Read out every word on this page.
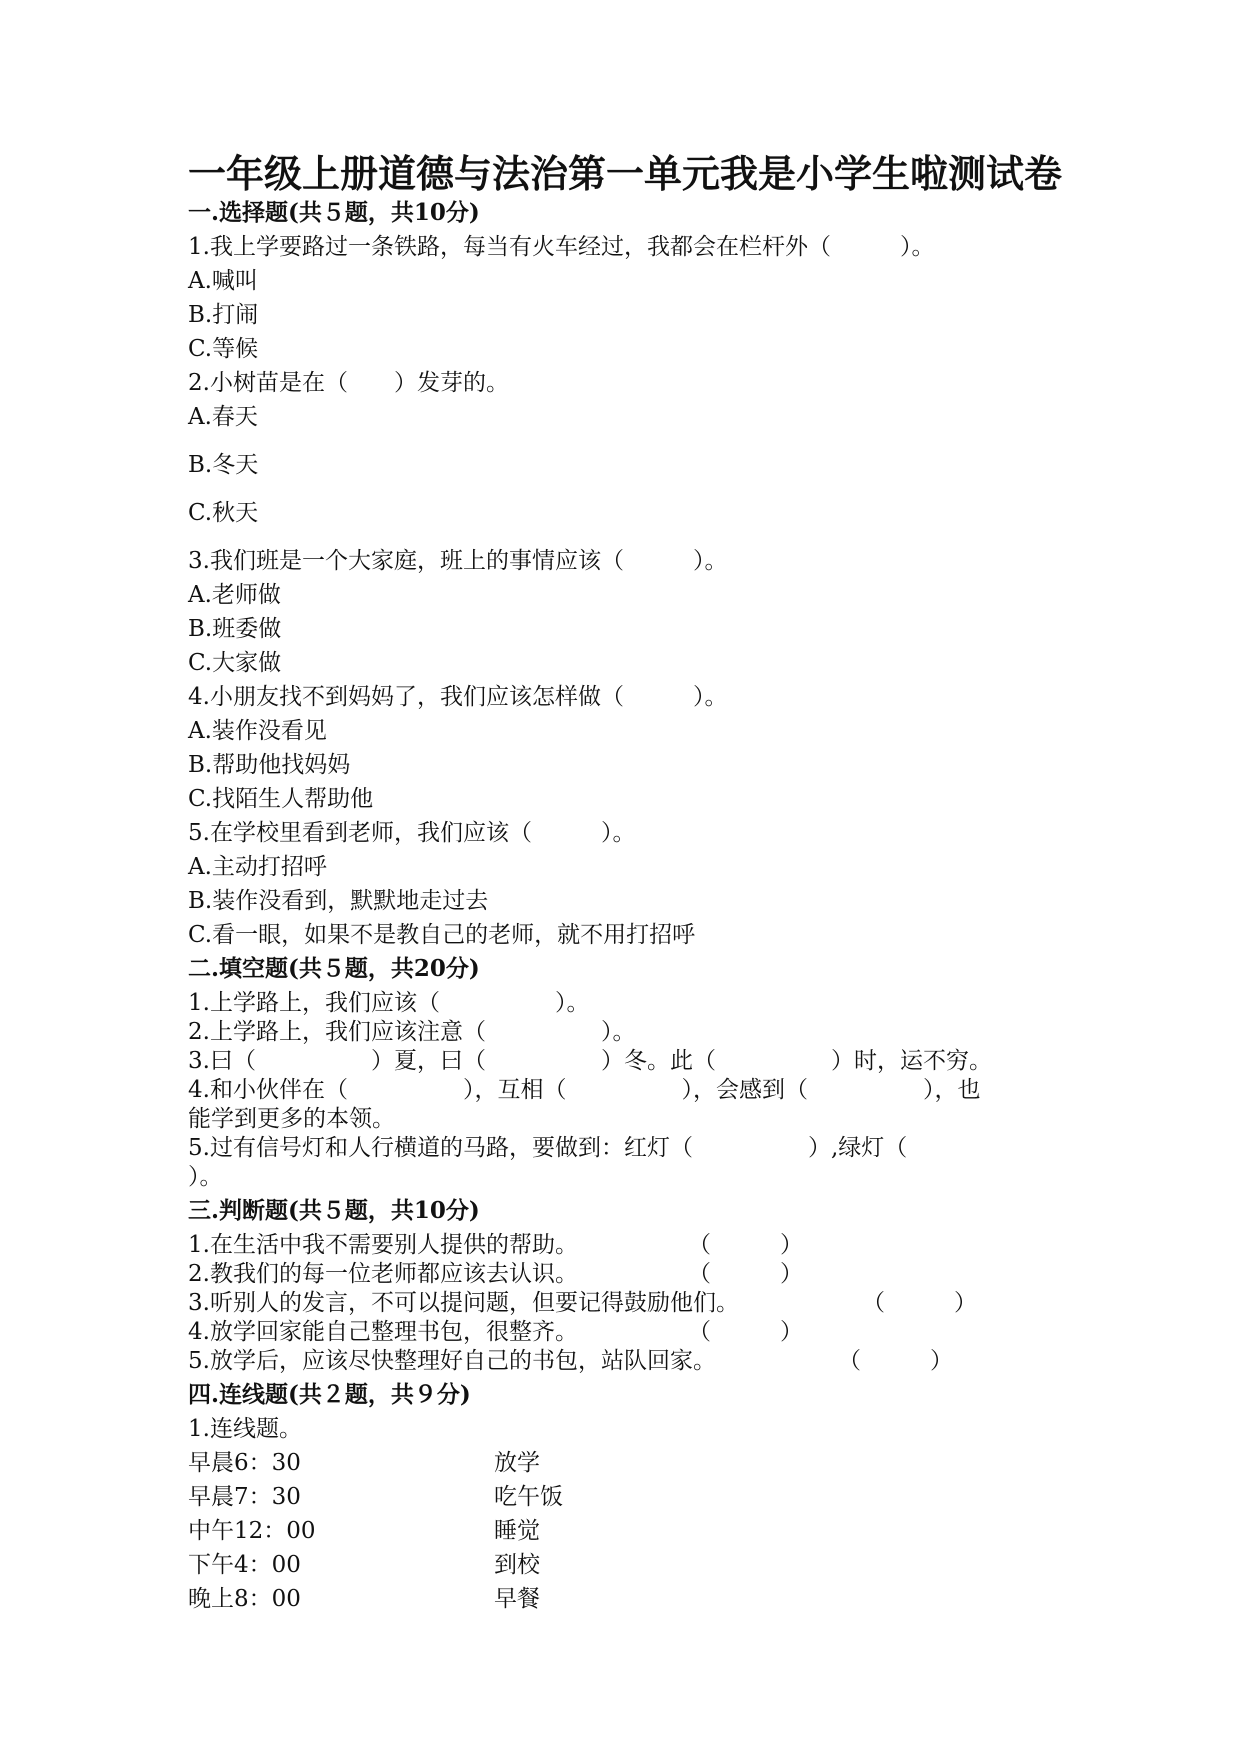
一年级上册道德与法治第一单元我是小学生啦测试卷
一.选择题(共５题，共10分)
1.我上学要路过一条铁路，每当有火车经过，我都会在栏杆外（　　　）。
A.喊叫
B.打闹
C.等候
2.小树苗是在（　　）发芽的。
A.春天
B.冬天
C.秋天
3.我们班是一个大家庭，班上的事情应该（　　　）。
A.老师做
B.班委做
C.大家做
4.小朋友找不到妈妈了，我们应该怎样做（　　　）。
A.装作没看见
B.帮助他找妈妈
C.找陌生人帮助他
5.在学校里看到老师，我们应该（　　　）。
A.主动打招呼
B.装作没看到，默默地走过去
C.看一眼，如果不是教自己的老师，就不用打招呼
二.填空题(共５题，共20分)
1.上学路上，我们应该（　　　　　）。
2.上学路上，我们应该注意（　　　　　）。
3.曰（　　　　　）夏，曰（　　　　　）冬。此（　　　　　）时，运不穷。
4.和小伙伴在（　　　　　），互相（　　　　　），会感到（　　　　　），也
能学到更多的本领。
5.过有信号灯和人行横道的马路，要做到：红灯（　　　　　）,绿灯（
）。
三.判断题(共５题，共10分)
1.在生活中我不需要别人提供的帮助。	（　　　）
2.教我们的每一位老师都应该去认识。	（　　　）
3.听别人的发言，不可以提问题，但要记得鼓励他们。	（　　　）
4.放学回家能自己整理书包，很整齐。	（　　　）
5.放学后，应该尽快整理好自己的书包，站队回家。	（　　　）
四.连线题(共２题，共９分)
1.连线题。
早晨6：30	放学
早晨7：30	吃午饭
中午12：00	睡觉
下午4：00	到校
晚上8：00	早餐
